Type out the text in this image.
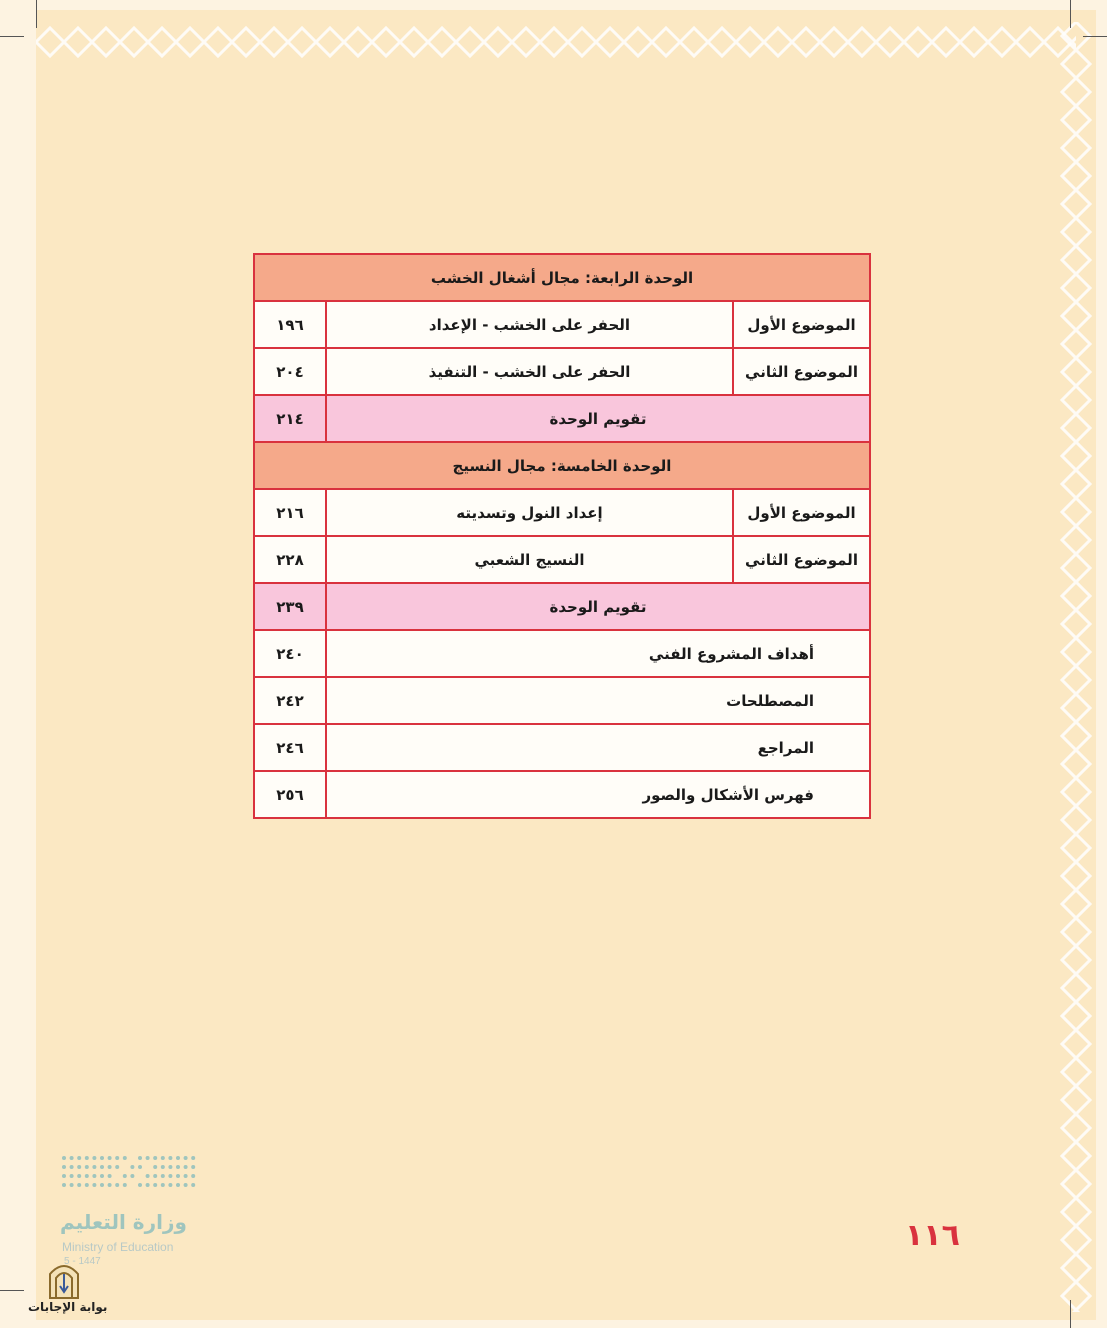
الوحدة الرابعة: مجال أشغال الخشب		
الموضوع الأول	الحفر على الخشب - الإعداد	١٩٦
الموضوع الثاني	الحفر على الخشب - التنفيذ	٢٠٤
تقويم الوحدة		٢١٤
الوحدة الخامسة: مجال النسيج		
الموضوع الأول	إعداد النول وتسديته	٢١٦
الموضوع الثاني	النسيج الشعبي	٢٢٨
تقويم الوحدة		٢٣٩
أهداف المشروع الفني		٢٤٠
المصطلحات		٢٤٢
المراجع		٢٤٦
فهرس الأشكال والصور		٢٥٦
١١٦
وزارة التعليم
Ministry of Education
5 - 1447
بوابة الإجابات
